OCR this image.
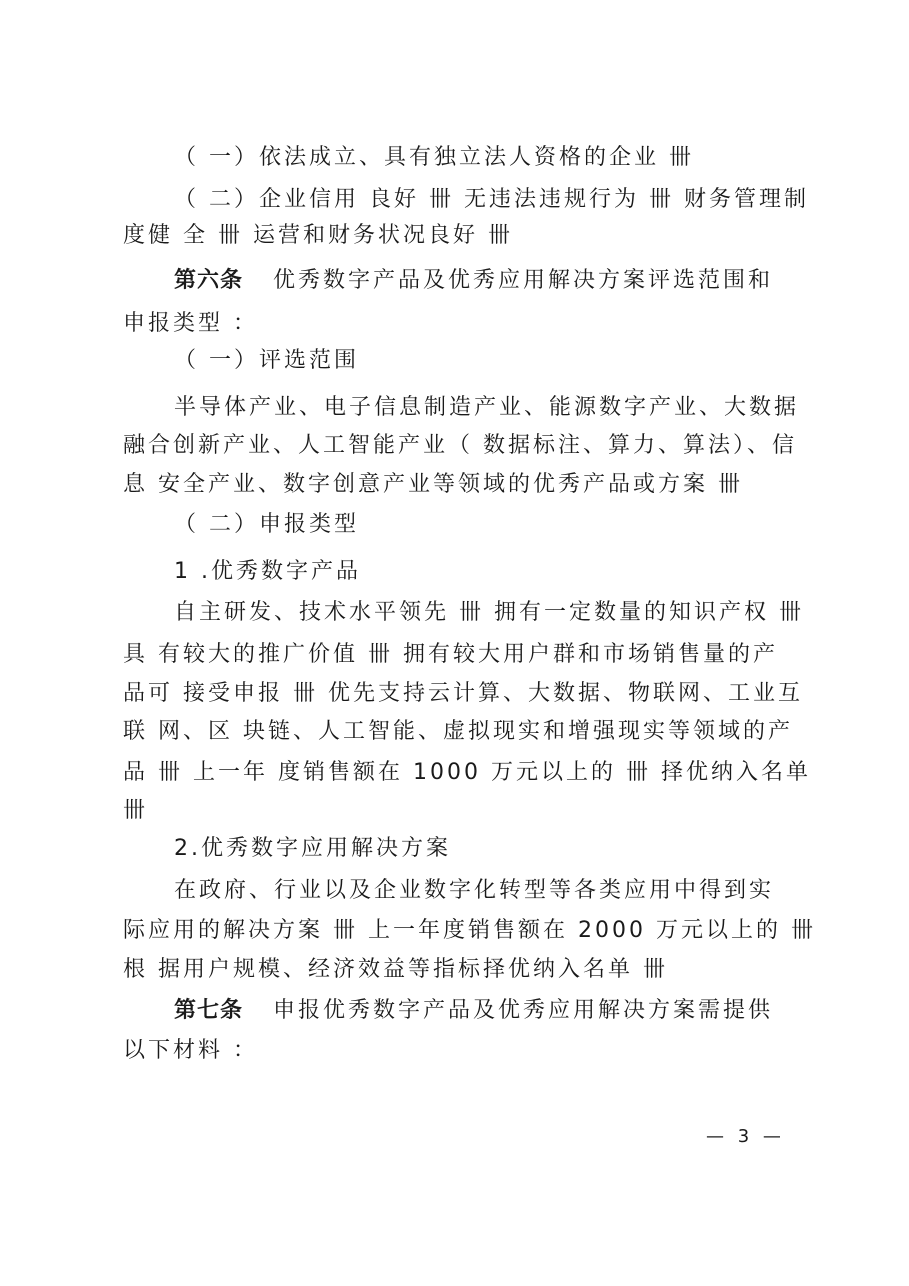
（ 一）依法成立、具有独立法人资格的企业 卌
（ 二）企业信用 良好 卌 无违法违规行为 卌 财务管理制
度健 全 卌 运营和财务状况良好 卌
第六条 优秀数字产品及优秀应用解决方案评选范围和
申报类型 ：
（ 一）评选范围
半导体产业、电子信息制造产业、能源数字产业、大数据
融合创新产业、人工智能产业（ 数据标注、算力、算法）、信
息 安全产业、数字创意产业等领域的优秀产品或方案 卌
（ 二）申报类型
1 .优秀数字产品
自主研发、技术水平领先 卌 拥有一定数量的知识产权 卌
具 有较大的推广价值 卌 拥有较大用户群和市场销售量的产
品可 接受申报 卌 优先支持云计算、大数据、物联网、工业互
联 网、区 块链、人工智能、虚拟现实和增强现实等领域的产
品 卌 上一年 度销售额在 1000 万元以上的 卌 择优纳入名单
卌
2.优秀数字应用解决方案
在政府、行业以及企业数字化转型等各类应用中得到实
际应用的解决方案 卌 上一年度销售额在 2000 万元以上的 卌
根 据用户规模、经济效益等指标择优纳入名单 卌
第七条 申报优秀数字产品及优秀应用解决方案需提供
以下材料 ：
— 3 —
